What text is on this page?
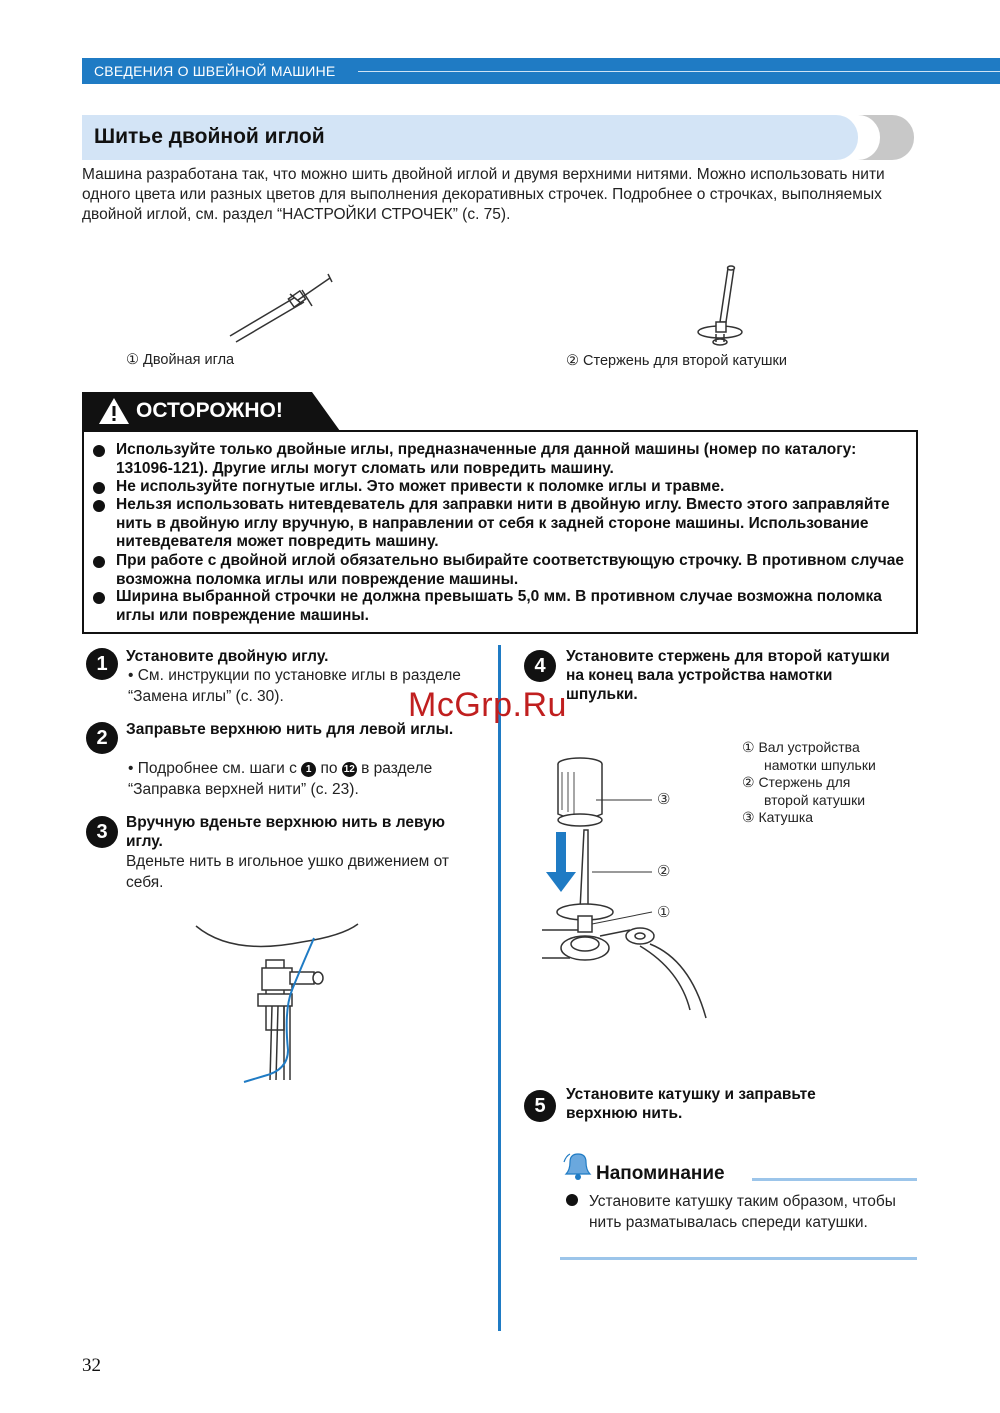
СВЕДЕНИЯ О ШВЕЙНОЙ МАШИНЕ
Шитье двойной иглой
Машина разработана так, что можно шить двойной иглой и двумя верхними нитями. Можно использовать нити одного цвета или разных цветов для выполнения декоративных строчек. Подробнее о строчках, выполняемых двойной иглой, см. раздел “НАСТРОЙКИ СТРОЧЕК” (с. 75).
① Двойная игла	② Стержень для второй катушки
ОСТОРОЖНО!
Используйте только двойные иглы, предназначенные для данной машины (номер по каталогу: 131096-121). Другие иглы могут сломать или повредить машину.
Не используйте погнутые иглы. Это может привести к поломке иглы и травме.
Нельзя использовать нитевдеватель для заправки нити в двойную иглу. Вместо этого заправляйте нить в двойную иглу вручную, в направлении от себя к задней стороне машины. Использование нитевдевателя может повредить машину.
При работе с двойной иглой обязательно выбирайте соответствующую строчку. В противном случае возможна поломка иглы или повреждение машины.
Ширина выбранной строчки не должна превышать 5,0 мм. В противном случае возможна поломка иглы или повреждение машины.
1	Установите двойную иглу.
• См. инструкции по установке иглы в разделе “Замена иглы” (с. 30).
2	Заправьте верхнюю нить для левой иглы.
• Подробнее см. шаги с 1 по 12 в разделе “Заправка верхней нити” (с. 23).
3	Вручную вденьте верхнюю нить в левую иглу.
Вденьте нить в игольное ушко движением от себя.
4	Установите стержень для второй катушки на конец вала устройства намотки шпульки.
McGrp.Ru
③
②
①
① Вал устройства
намотки шпульки
② Стержень для
второй катушки
③ Катушка
5
Установите катушку и заправьте верхнюю нить.
Напоминание
Установите катушку таким образом, чтобы нить разматывалась спереди катушки.
32
